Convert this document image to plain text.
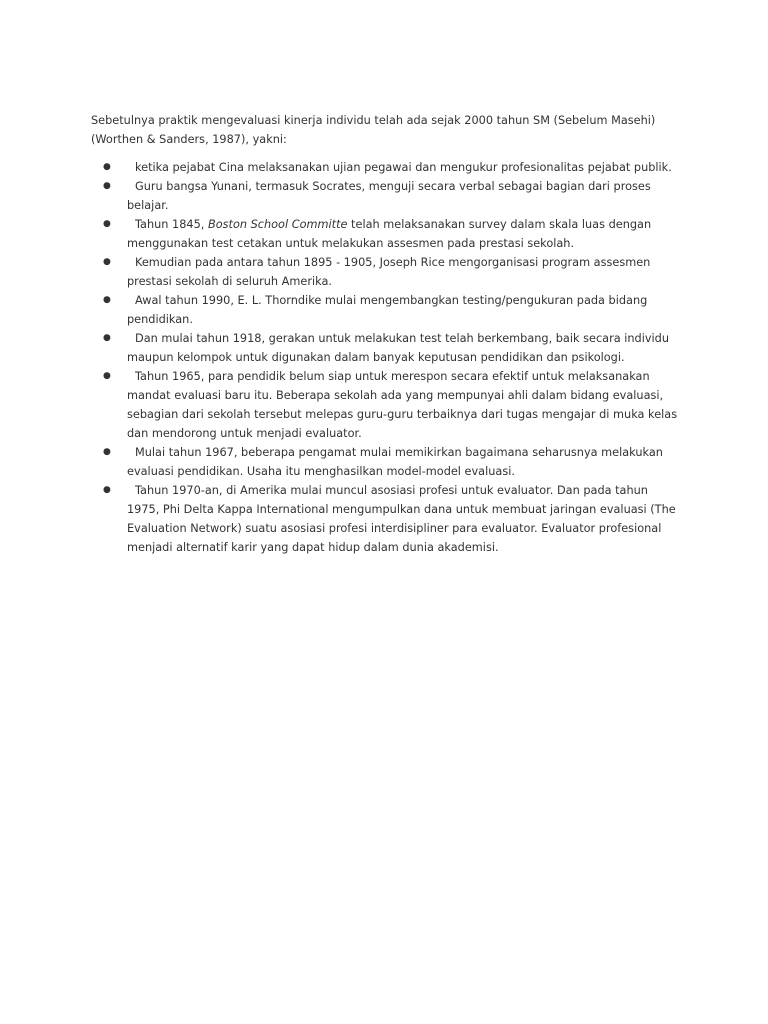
Sebetulnya praktik mengevaluasi kinerja individu telah ada sejak 2000 tahun SM (Sebelum Masehi) (Worthen & Sanders, 1987), yakni:

●	ketika pejabat Cina melaksanakan ujian pegawai dan mengukur profesionalitas pejabat publik.
●	Guru bangsa Yunani, termasuk Socrates, menguji secara verbal sebagai bagian dari proses belajar.
●	Tahun 1845, Boston School Committe telah melaksanakan survey dalam skala luas dengan menggunakan test cetakan untuk melakukan assesmen pada prestasi sekolah.
●	Kemudian pada antara tahun 1895 - 1905, Joseph Rice mengorganisasi program assesmen prestasi sekolah di seluruh Amerika.
●	Awal tahun 1990, E. L. Thorndike mulai mengembangkan testing/pengukuran pada bidang pendidikan.
●	Dan mulai tahun 1918, gerakan untuk melakukan test telah berkembang, baik secara individu maupun kelompok untuk digunakan dalam banyak keputusan pendidikan dan psikologi.
●	Tahun 1965, para pendidik belum siap untuk merespon secara efektif untuk melaksanakan mandat evaluasi baru itu. Beberapa sekolah ada yang mempunyai ahli dalam bidang evaluasi, sebagian dari sekolah tersebut melepas guru-guru terbaiknya dari tugas mengajar di muka kelas dan mendorong untuk menjadi evaluator.
●	Mulai tahun 1967, beberapa pengamat mulai memikirkan bagaimana seharusnya melakukan evaluasi pendidikan. Usaha itu menghasilkan model-model evaluasi.
●	Tahun 1970-an, di Amerika mulai muncul asosiasi profesi untuk evaluator. Dan pada tahun 1975, Phi Delta Kappa International mengumpulkan dana untuk membuat jaringan evaluasi (The Evaluation Network) suatu asosiasi profesi interdisipliner para evaluator. Evaluator profesional menjadi alternatif karir yang dapat hidup dalam dunia akademisi.
